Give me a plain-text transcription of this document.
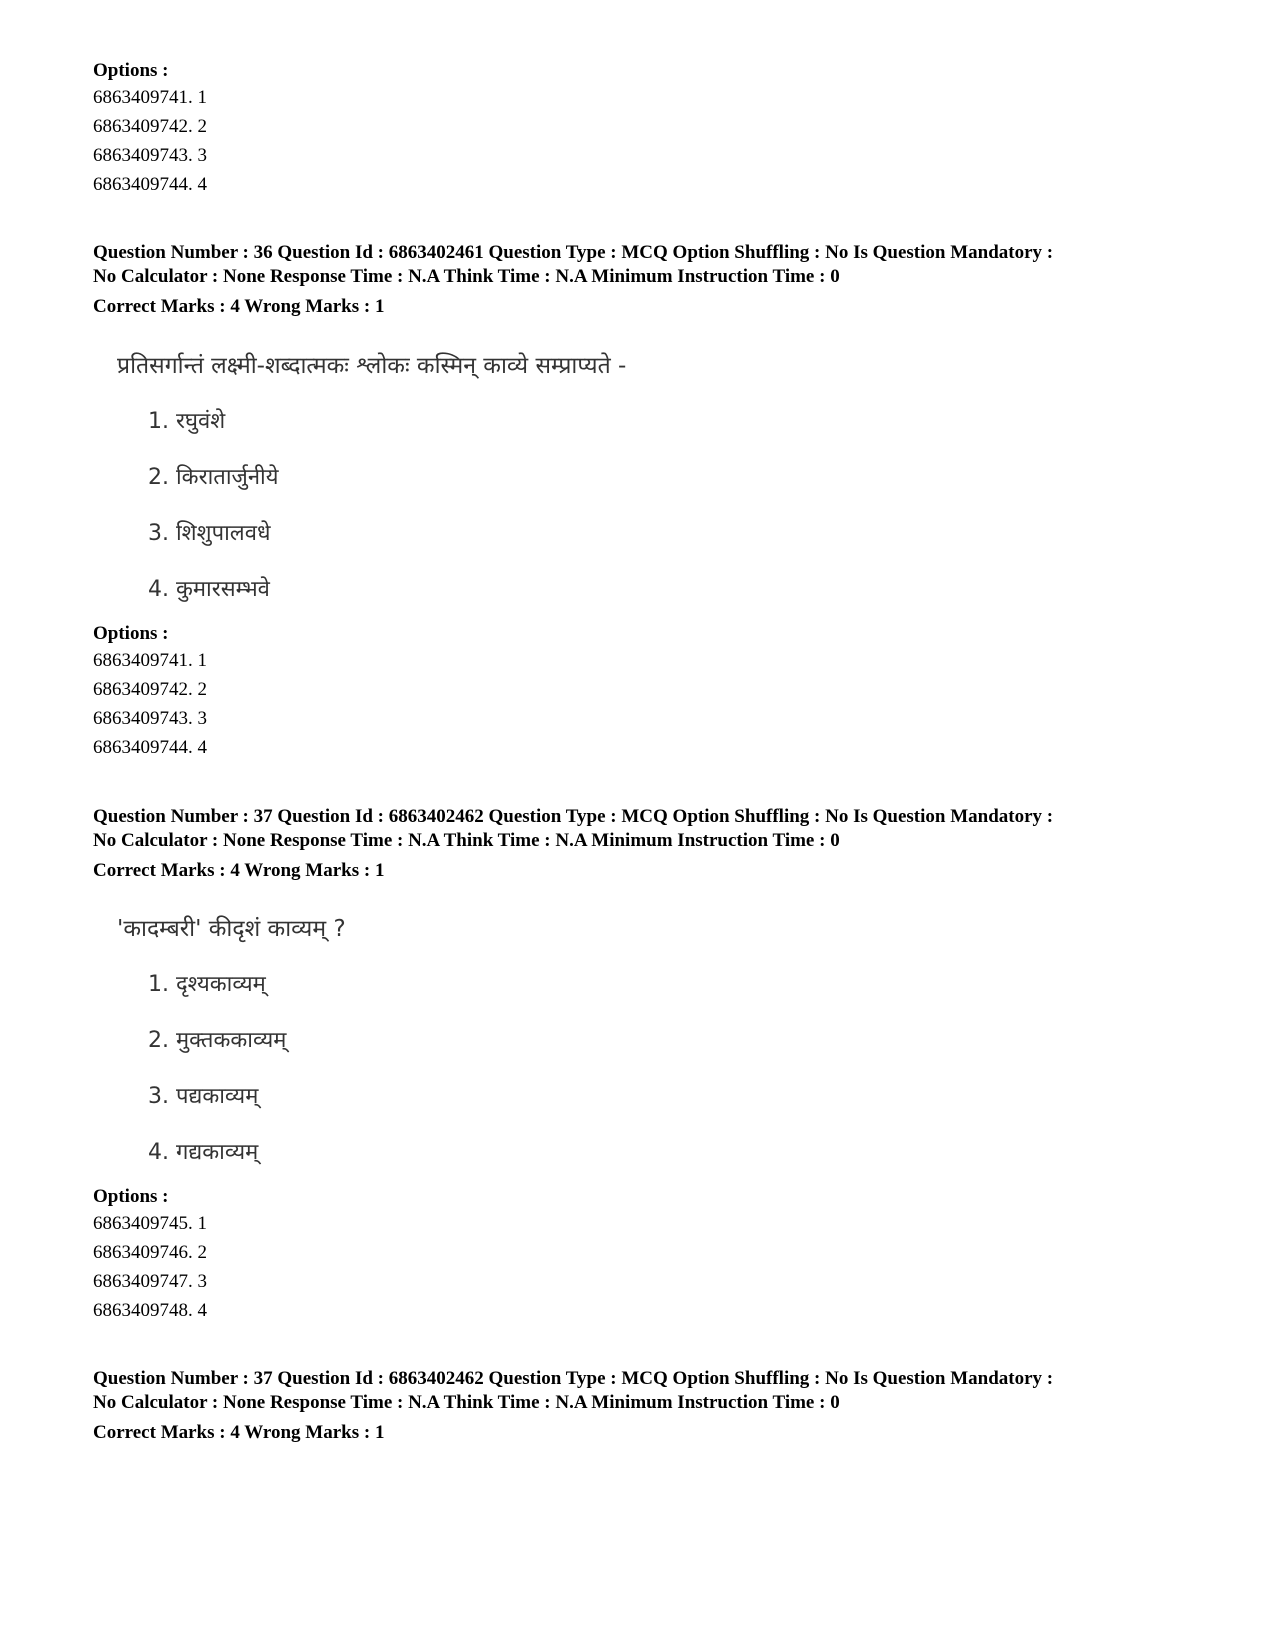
Options :

6863409741. 1

6863409742. 2

6863409743. 3

6863409744. 4

Question Number : 36 Question Id : 6863402461 Question Type : MCQ Option Shuffling : No Is Question Mandatory :

No Calculator : None Response Time : N.A Think Time : N.A Minimum Instruction Time : 0

Correct Marks : 4 Wrong Marks : 1

प्रतिसर्गान्तं लक्ष्मी-शब्दात्मकः श्लोकः कस्मिन् काव्ये सम्प्राप्यते -

1. रघुवंशे

2. किरातार्जुनीये

3. शिशुपालवधे

4. कुमारसम्भवे

Options :

6863409741. 1

6863409742. 2

6863409743. 3

6863409744. 4

Question Number : 37 Question Id : 6863402462 Question Type : MCQ Option Shuffling : No Is Question Mandatory :

No Calculator : None Response Time : N.A Think Time : N.A Minimum Instruction Time : 0

Correct Marks : 4 Wrong Marks : 1

'कादम्बरी' कीदृशं काव्यम् ?

1. दृश्यकाव्यम्

2. मुक्तककाव्यम्

3. पद्यकाव्यम्

4. गद्यकाव्यम्

Options :

6863409745. 1

6863409746. 2

6863409747. 3

6863409748. 4

Question Number : 37 Question Id : 6863402462 Question Type : MCQ Option Shuffling : No Is Question Mandatory :

No Calculator : None Response Time : N.A Think Time : N.A Minimum Instruction Time : 0

Correct Marks : 4 Wrong Marks : 1
